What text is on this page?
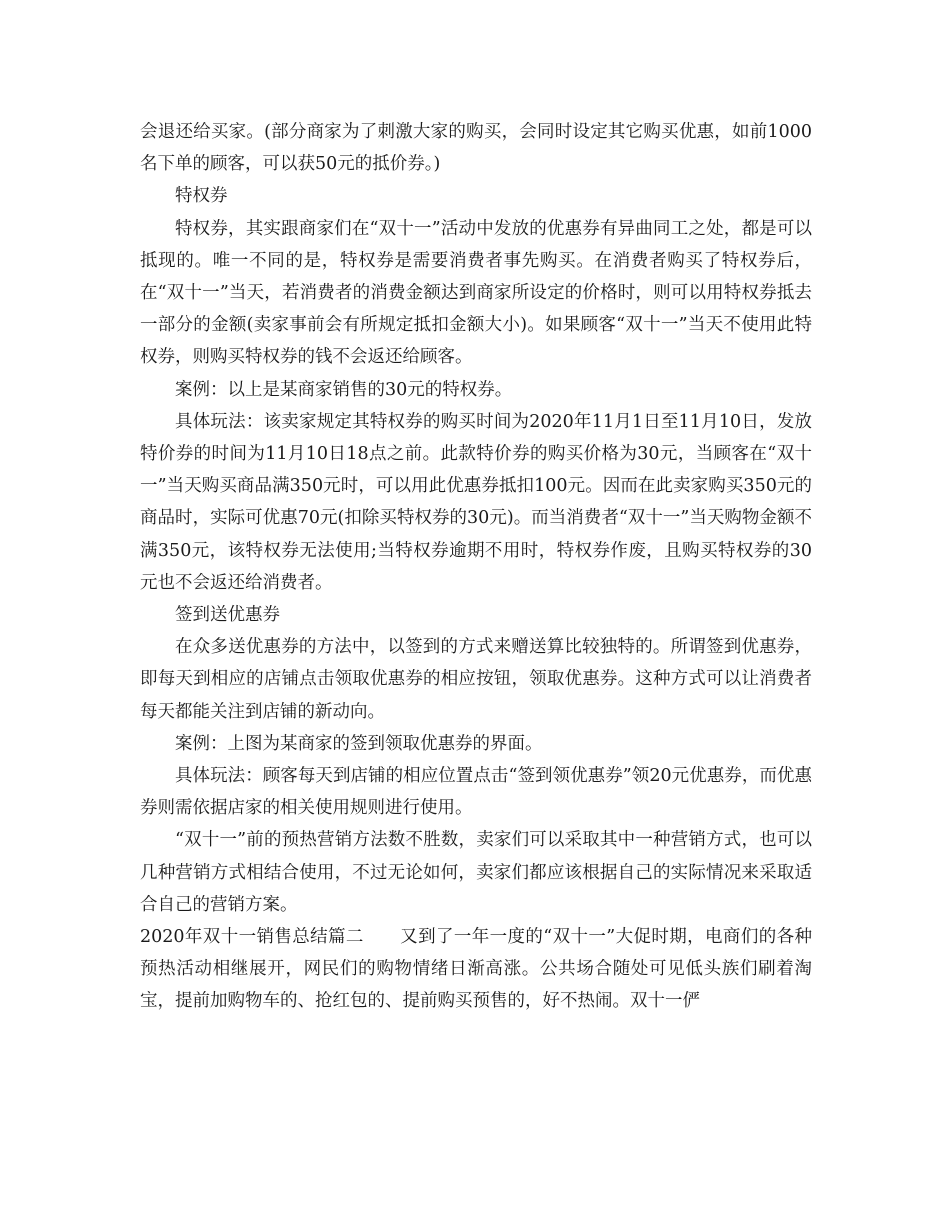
会退还给买家。(部分商家为了刺激大家的购买，会同时设定其它购买优惠，如前1000名下单的顾客，可以获50元的抵价券。)

特权券

特权券，其实跟商家们在“双十一”活动中发放的优惠券有异曲同工之处，都是可以抵现的。唯一不同的是，特权券是需要消费者事先购买。在消费者购买了特权券后，在“双十一”当天，若消费者的消费金额达到商家所设定的价格时，则可以用特权券抵去一部分的金额(卖家事前会有所规定抵扣金额大小)。如果顾客“双十一”当天不使用此特权券，则购买特权券的钱不会返还给顾客。

案例：以上是某商家销售的30元的特权券。

具体玩法：该卖家规定其特权券的购买时间为2020年11月1日至11月10日，发放特价券的时间为11月10日18点之前。此款特价券的购买价格为30元，当顾客在“双十一”当天购买商品满350元时，可以用此优惠券抵扣100元。因而在此卖家购买350元的商品时，实际可优惠70元(扣除买特权券的30元)。而当消费者“双十一”当天购物金额不满350元，该特权券无法使用;当特权券逾期不用时，特权券作废，且购买特权券的30元也不会返还给消费者。

签到送优惠券

在众多送优惠券的方法中，以签到的方式来赠送算比较独特的。所谓签到优惠券，即每天到相应的店铺点击领取优惠券的相应按钮，领取优惠券。这种方式可以让消费者每天都能关注到店铺的新动向。

案例：上图为某商家的签到领取优惠券的界面。

具体玩法：顾客每天到店铺的相应位置点击“签到领优惠券”领20元优惠券，而优惠券则需依据店家的相关使用规则进行使用。

“双十一”前的预热营销方法数不胜数，卖家们可以采取其中一种营销方式，也可以几种营销方式相结合使用，不过无论如何，卖家们都应该根据自己的实际情况来采取适合自己的营销方案。

2020年双十一销售总结篇二 又到了一年一度的“双十一”大促时期，电商们的各种预热活动相继展开，网民们的购物情绪日渐高涨。公共场合随处可见低头族们刷着淘宝，提前加购物车的、抢红包的、提前购买预售的，好不热闹。双十一俨
